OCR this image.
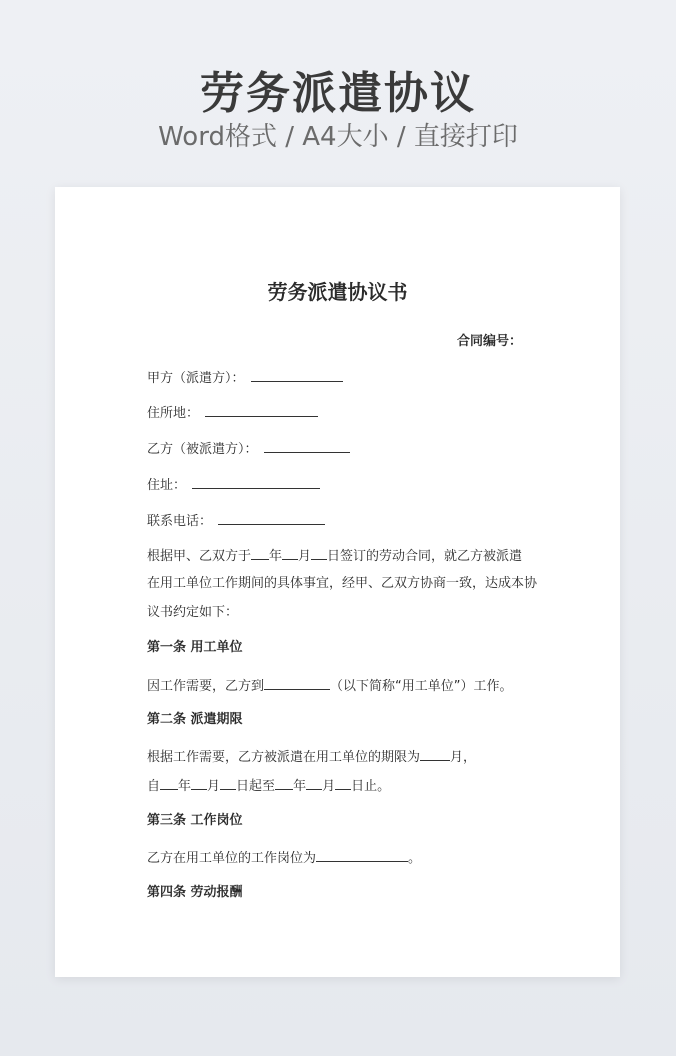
劳务派遣协议
Word格式 / A4大小 / 直接打印
劳务派遣协议书
合同编号：
甲方（派遣方）：
住所地：
乙方（被派遣方）：
住址：
联系电话：
根据甲、乙双方于 年 月 日签订的劳动合同，就乙方被派遣
在用工单位工作期间的具体事宜，经甲、乙双方协商一致，达成本协
议书约定如下：
第一条 用工单位
因工作需要，乙方到	（以下简称“用工单位”）工作。
第二条 派遣期限
根据工作需要，乙方被派遣在用工单位的期限为 月，
自 年 月 日起至 年 月 日止。
第三条 工作岗位
乙方在用工单位的工作岗位为	。
第四条 劳动报酬
